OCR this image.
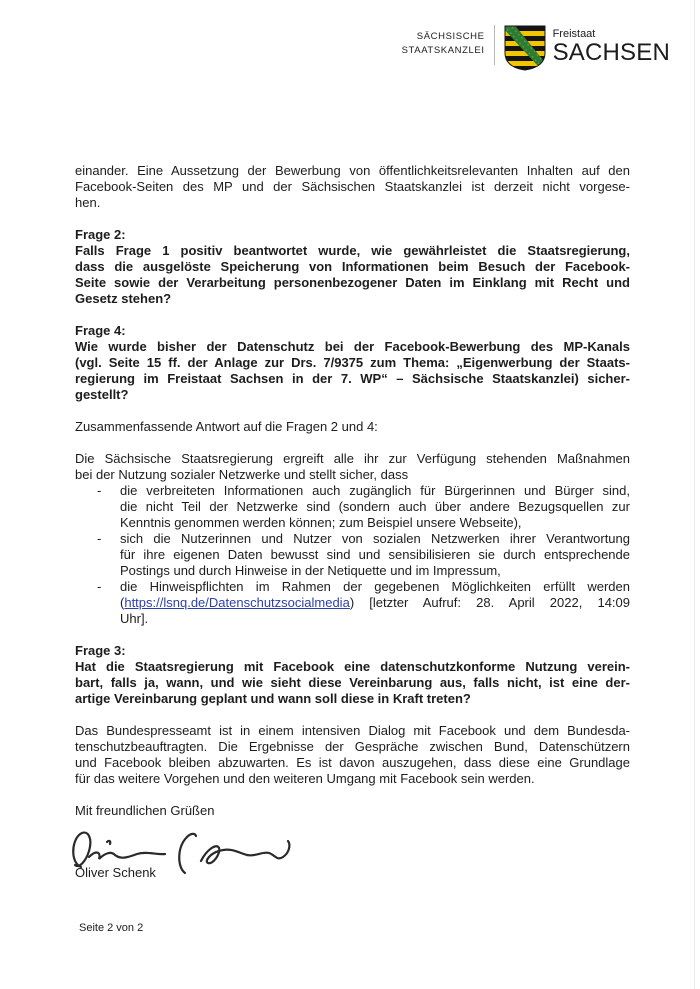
SÄCHSISCHE
STAATSKANZLEI
Freistaat
SACHSEN

einander. Eine Aussetzung der Bewerbung von öffentlichkeitsrelevanten Inhalten auf den
Facebook-Seiten des MP und der Sächsischen Staatskanzlei ist derzeit nicht vorgese-
hen.

Frage 2:
Falls Frage 1 positiv beantwortet wurde, wie gewährleistet die Staatsregierung,
dass die ausgelöste Speicherung von Informationen beim Besuch der Facebook-
Seite sowie der Verarbeitung personenbezogener Daten im Einklang mit Recht und
Gesetz stehen?
Frage 4:
Wie wurde bisher der Datenschutz bei der Facebook-Bewerbung des MP-Kanals
(vgl. Seite 15 ff. der Anlage zur Drs. 7/9375 zum Thema: „Eigenwerbung der Staats-
regierung im Freistaat Sachsen in der 7. WP“ – Sächsische Staatskanzlei) sicher-
gestellt?

Zusammenfassende Antwort auf die Fragen 2 und 4:

Die Sächsische Staatsregierung ergreift alle ihr zur Verfügung stehenden Maßnahmen
bei der Nutzung sozialer Netzwerke und stellt sicher, dass

-	die verbreiteten Informationen auch zugänglich für Bürgerinnen und Bürger sind,
die nicht Teil der Netzwerke sind (sondern auch über andere Bezugsquellen zur
Kenntnis genommen werden können; zum Beispiel unsere Webseite),
-	sich die Nutzerinnen und Nutzer von sozialen Netzwerken ihrer Verantwortung
für ihre eigenen Daten bewusst sind und sensibilisieren sie durch entsprechende
Postings und durch Hinweise in der Netiquette und im Impressum,
-	die Hinweispflichten im Rahmen der gegebenen Möglichkeiten erfüllt werden
(https://lsnq.de/Datenschutzsocialmedia) [letzter Aufruf: 28. April 2022, 14:09
Uhr].
Frage 3:
Hat die Staatsregierung mit Facebook eine datenschutzkonforme Nutzung verein-
bart, falls ja, wann, und wie sieht diese Vereinbarung aus, falls nicht, ist eine der-
artige Vereinbarung geplant und wann soll diese in Kraft treten?

Das Bundespresseamt ist in einem intensiven Dialog mit Facebook und dem Bundesda-
tenschutzbeauftragten. Die Ergebnisse der Gespräche zwischen Bund, Datenschützern
und Facebook bleiben abzuwarten. Es ist davon auszugehen, dass diese eine Grundlage
für das weitere Vorgehen und den weiteren Umgang mit Facebook sein werden.

Mit freundlichen Grüßen

Oliver Schenk
Seite 2 von 2
